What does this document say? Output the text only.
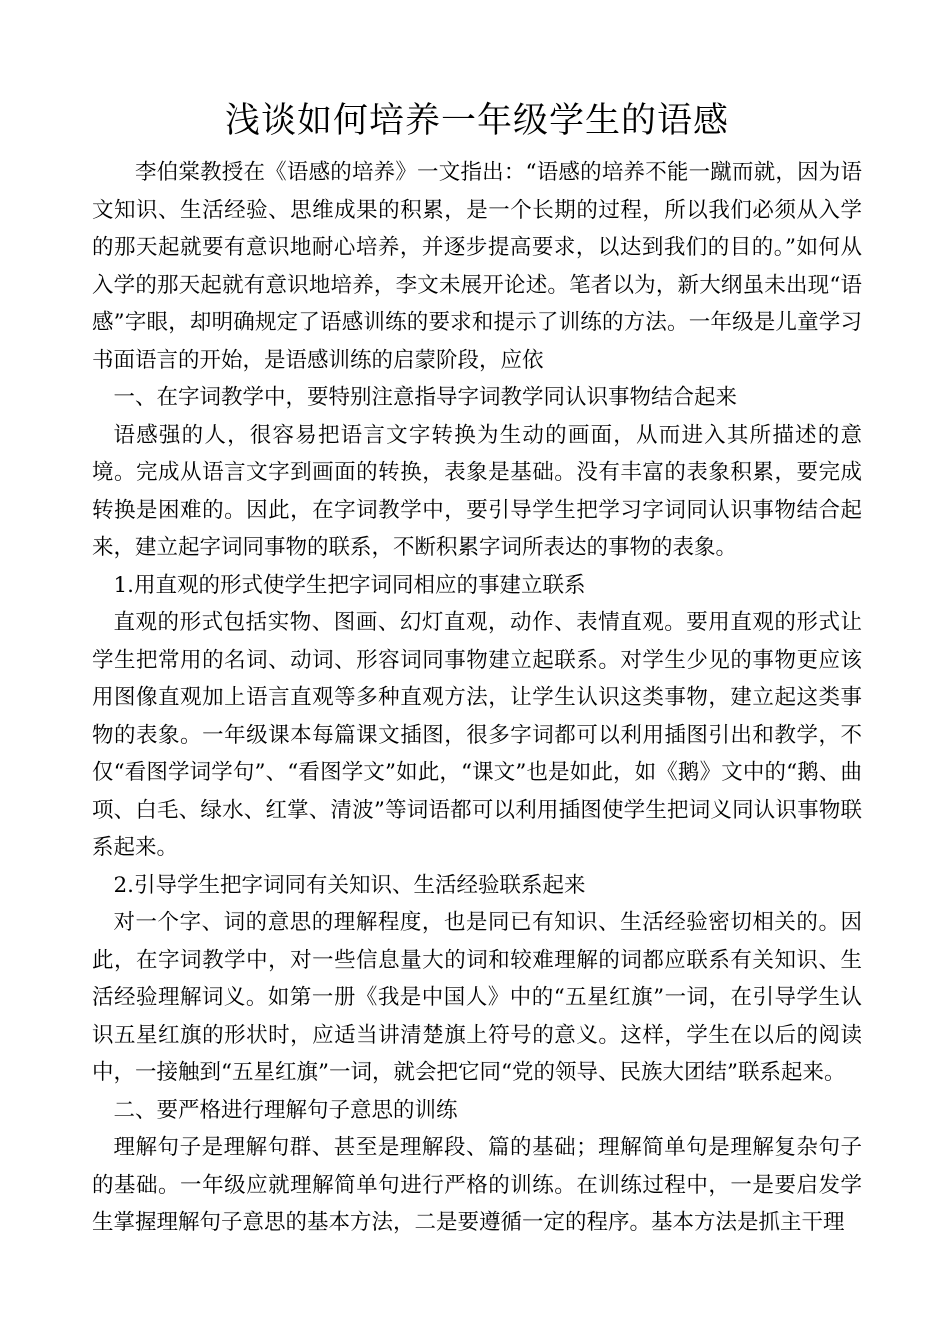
浅谈如何培养一年级学生的语感

李伯棠教授在《语感的培养》一文指出：“语感的培养不能一蹴而就，因为语文知识、生活经验、思维成果的积累，是一个长期的过程，所以我们必须从入学的那天起就要有意识地耐心培养，并逐步提高要求，以达到我们的目的。”如何从入学的那天起就有意识地培养，李文未展开论述。笔者以为，新大纲虽未出现“语感”字眼，却明确规定了语感训练的要求和提示了训练的方法。一年级是儿童学习书面语言的开始，是语感训练的启蒙阶段，应依

一、在字词教学中，要特别注意指导字词教学同认识事物结合起来

语感强的人，很容易把语言文字转换为生动的画面，从而进入其所描述的意境。完成从语言文字到画面的转换，表象是基础。没有丰富的表象积累，要完成转换是困难的。因此，在字词教学中，要引导学生把学习字词同认识事物结合起来，建立起字词同事物的联系，不断积累字词所表达的事物的表象。

1.用直观的形式使学生把字词同相应的事建立联系

直观的形式包括实物、图画、幻灯直观，动作、表情直观。要用直观的形式让学生把常用的名词、动词、形容词同事物建立起联系。对学生少见的事物更应该用图像直观加上语言直观等多种直观方法，让学生认识这类事物，建立起这类事物的表象。一年级课本每篇课文插图，很多字词都可以利用插图引出和教学，不仅“看图学词学句”、“看图学文”如此，“课文”也是如此，如《鹅》文中的“鹅、曲项、白毛、绿水、红掌、清波”等词语都可以利用插图使学生把词义同认识事物联系起来。

2.引导学生把字词同有关知识、生活经验联系起来

对一个字、词的意思的理解程度，也是同已有知识、生活经验密切相关的。因此，在字词教学中，对一些信息量大的词和较难理解的词都应联系有关知识、生活经验理解词义。如第一册《我是中国人》中的“五星红旗”一词，在引导学生认识五星红旗的形状时，应适当讲清楚旗上符号的意义。这样，学生在以后的阅读中，一接触到“五星红旗”一词，就会把它同“党的领导、民族大团结”联系起来。

二、要严格进行理解句子意思的训练

理解句子是理解句群、甚至是理解段、篇的基础；理解简单句是理解复杂句子的基础。一年级应就理解简单句进行严格的训练。在训练过程中，一是要启发学生掌握理解句子意思的基本方法，二是要遵循一定的程序。基本方法是抓主干理
